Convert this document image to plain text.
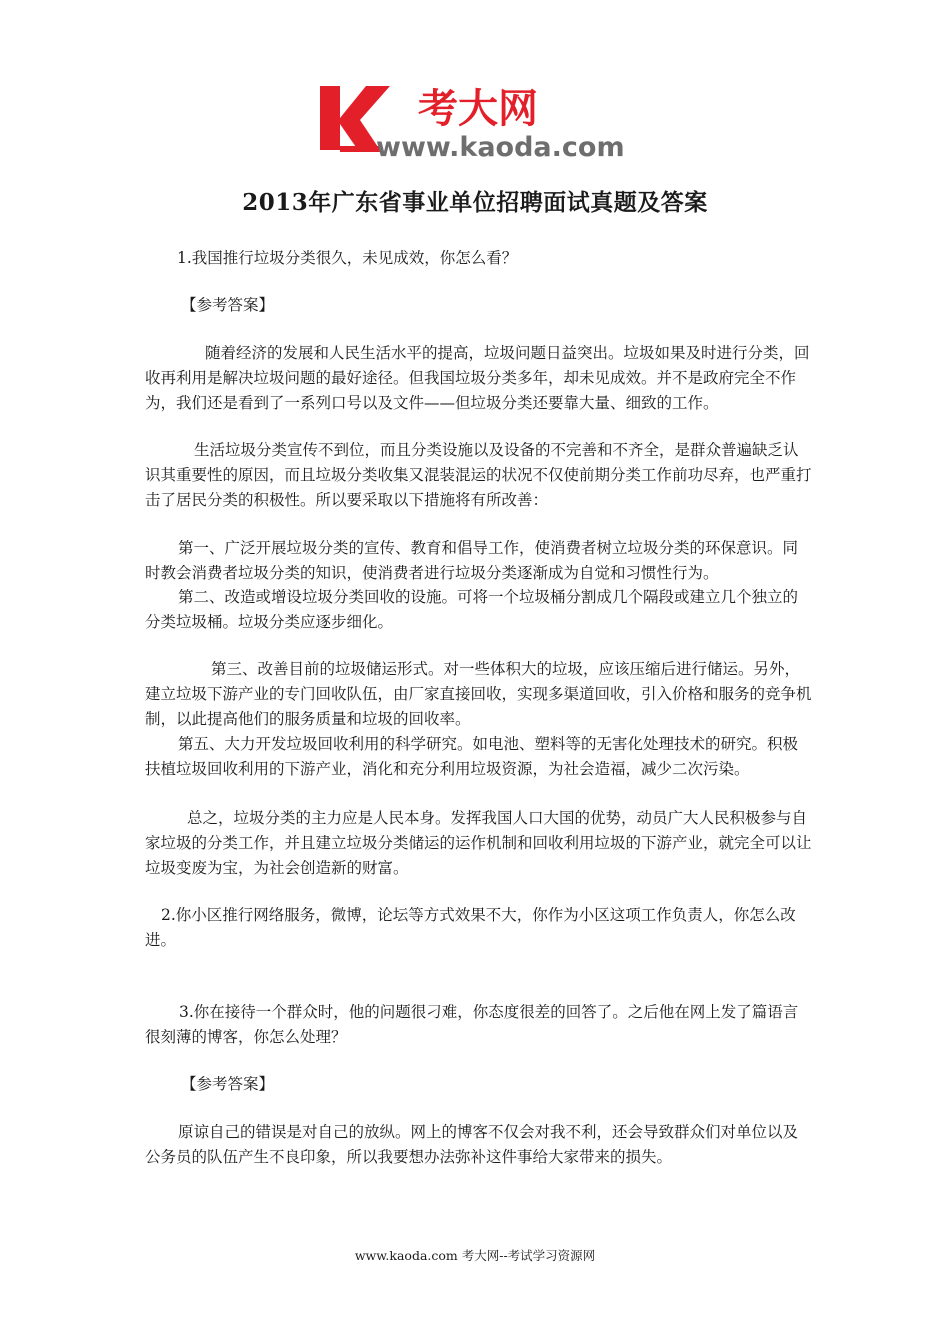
考大网
www.kaoda.com
2013年广东省事业单位招聘面试真题及答案

1.我国推行垃圾分类很久，未见成效，你怎么看？

【参考答案】

随着经济的发展和人民生活水平的提高，垃圾问题日益突出。垃圾如果及时进行分类，回收再利用是解决垃圾问题的最好途径。但我国垃圾分类多年，却未见成效。并不是政府完全不作为，我们还是看到了一系列口号以及文件——但垃圾分类还要靠大量、细致的工作。

生活垃圾分类宣传不到位，而且分类设施以及设备的不完善和不齐全，是群众普遍缺乏认识其重要性的原因，而且垃圾分类收集又混装混运的状况不仅使前期分类工作前功尽弃，也严重打击了居民分类的积极性。所以要采取以下措施将有所改善：

第一、广泛开展垃圾分类的宣传、教育和倡导工作，使消费者树立垃圾分类的环保意识。同时教会消费者垃圾分类的知识，使消费者进行垃圾分类逐渐成为自觉和习惯性行为。

第二、改造或增设垃圾分类回收的设施。可将一个垃圾桶分割成几个隔段或建立几个独立的分类垃圾桶。垃圾分类应逐步细化。

第三、改善目前的垃圾储运形式。对一些体积大的垃圾，应该压缩后进行储运。另外，建立垃圾下游产业的专门回收队伍，由厂家直接回收，实现多渠道回收，引入价格和服务的竞争机制，以此提高他们的服务质量和垃圾的回收率。

第五、大力开发垃圾回收利用的科学研究。如电池、塑料等的无害化处理技术的研究。积极扶植垃圾回收利用的下游产业，消化和充分利用垃圾资源，为社会造福，减少二次污染。

总之，垃圾分类的主力应是人民本身。发挥我国人口大国的优势，动员广大人民积极参与自家垃圾的分类工作，并且建立垃圾分类储运的运作机制和回收利用垃圾的下游产业，就完全可以让垃圾变废为宝，为社会创造新的财富。

2.你小区推行网络服务，微博，论坛等方式效果不大，你作为小区这项工作负责人，你怎么改进。

3.你在接待一个群众时，他的问题很刁难，你态度很差的回答了。之后他在网上发了篇语言很刻薄的博客，你怎么处理？

【参考答案】

原谅自己的错误是对自己的放纵。网上的博客不仅会对我不利，还会导致群众们对单位以及公务员的队伍产生不良印象，所以我要想办法弥补这件事给大家带来的损失。

www.kaoda.com 考大网--考试学习资源网
